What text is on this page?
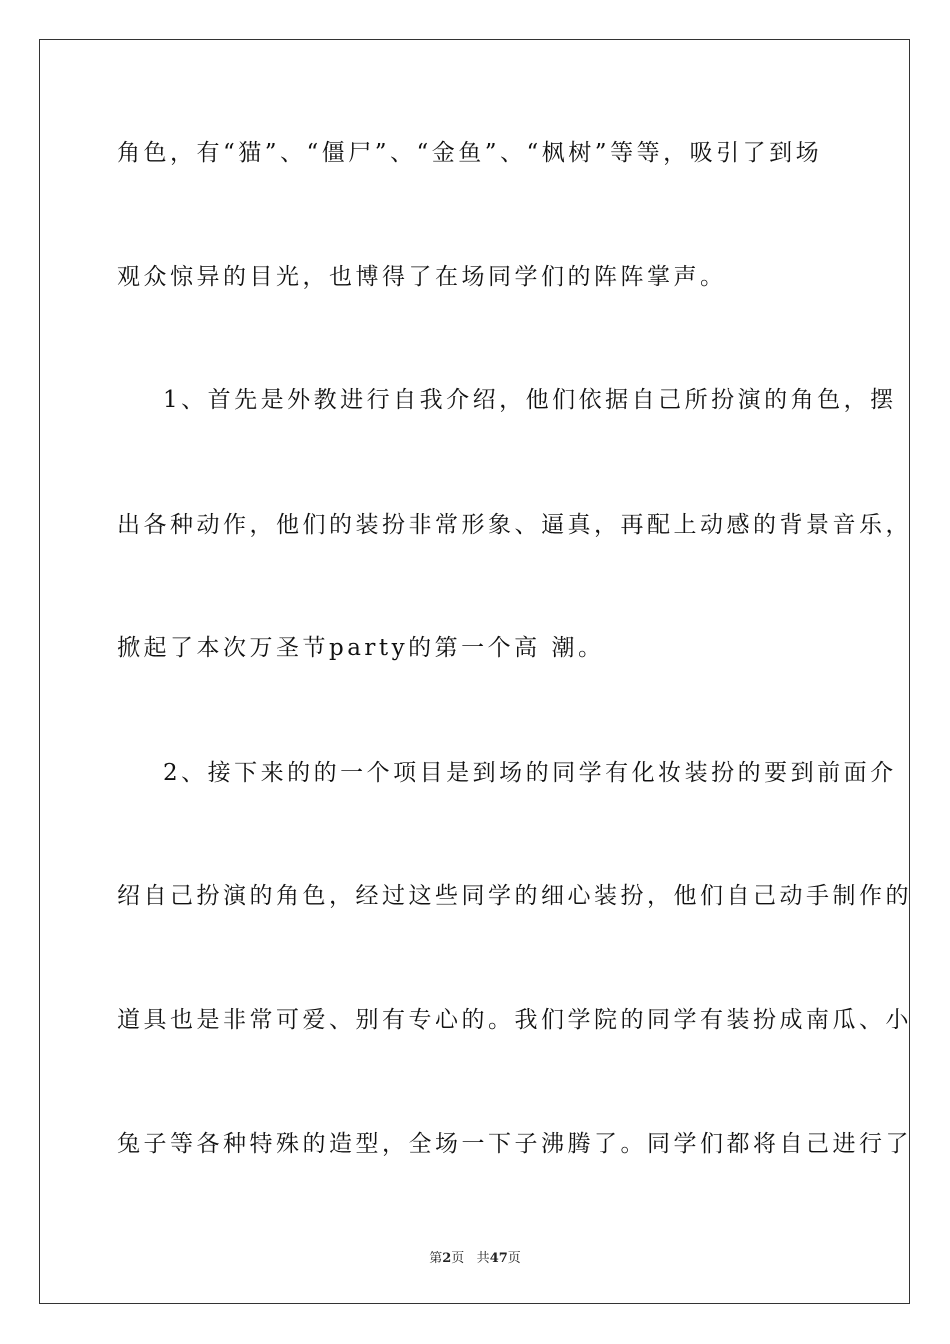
角色，有“猫”、“僵尸”、“金鱼”、“枫树”等等，吸引了到场
观众惊异的目光，也博得了在场同学们的阵阵掌声。
1、首先是外教进行自我介绍，他们依据自己所扮演的角色，摆
出各种动作，他们的装扮非常形象、逼真，再配上动感的背景音乐，
掀起了本次万圣节party的第一个高 潮。
2、接下来的的一个项目是到场的同学有化妆装扮的要到前面介
绍自己扮演的角色，经过这些同学的细心装扮，他们自己动手制作的
道具也是非常可爱、别有专心的。我们学院的同学有装扮成南瓜、小
兔子等各种特殊的造型，全场一下子沸腾了。同学们都将自己进行了
第2页 共47页
